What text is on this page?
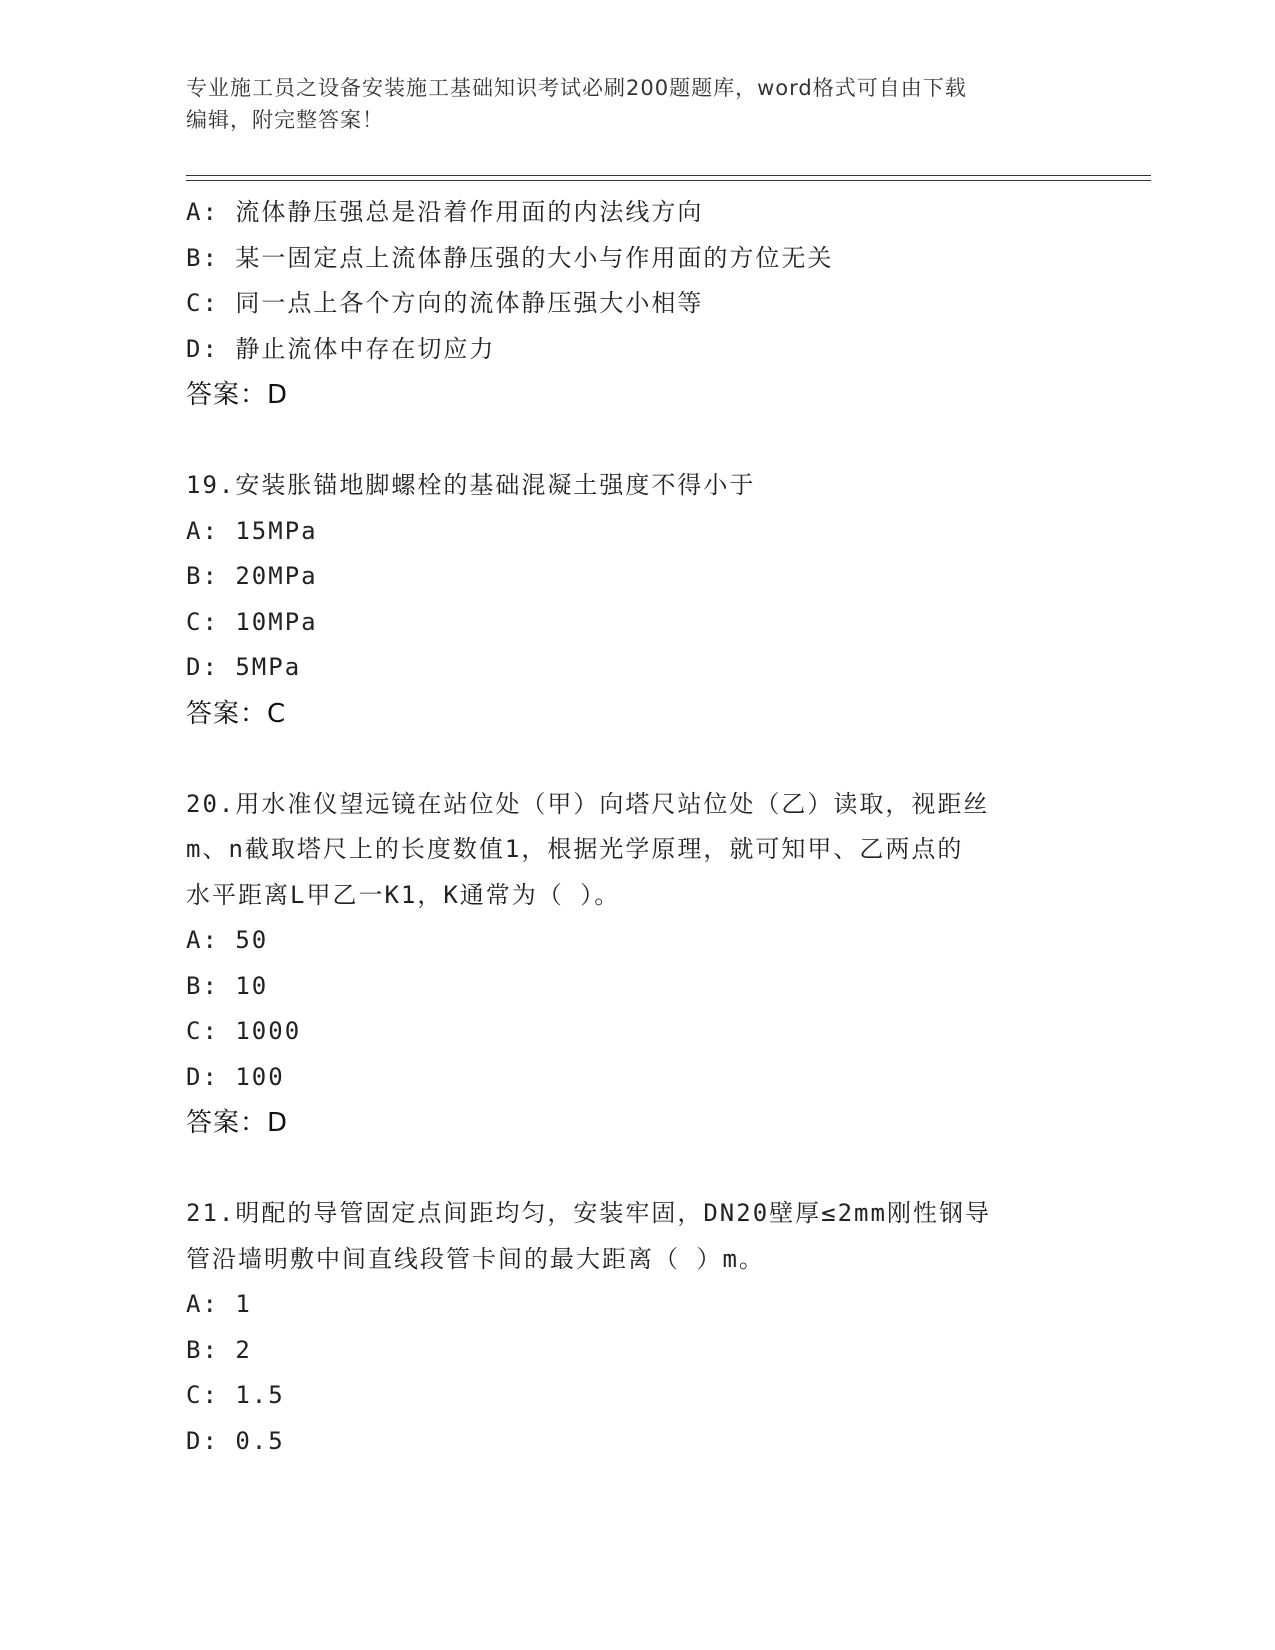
专业施工员之设备安装施工基础知识考试必刷200题题库，word格式可自由下载
编辑，附完整答案！
A: 流体静压强总是沿着作用面的内法线方向
B: 某一固定点上流体静压强的大小与作用面的方位无关
C: 同一点上各个方向的流体静压强大小相等
D: 静止流体中存在切应力
答案：D
19.安装胀锚地脚螺栓的基础混凝土强度不得小于
A: 15MPa
B: 20MPa
C: 10MPa
D: 5MPa
答案：C
20.用水准仪望远镜在站位处（甲）向塔尺站位处（乙）读取，视距丝
m、n截取塔尺上的长度数值1，根据光学原理，就可知甲、乙两点的
水平距离L甲乙一K1，K通常为（ ）。
A: 50
B: 10
C: 1000
D: 100
答案：D
21.明配的导管固定点间距均匀，安装牢固，DN20壁厚≤2mm刚性钢导
管沿墙明敷中间直线段管卡间的最大距离（ ）m。
A: 1
B: 2
C: 1.5
D: 0.5
